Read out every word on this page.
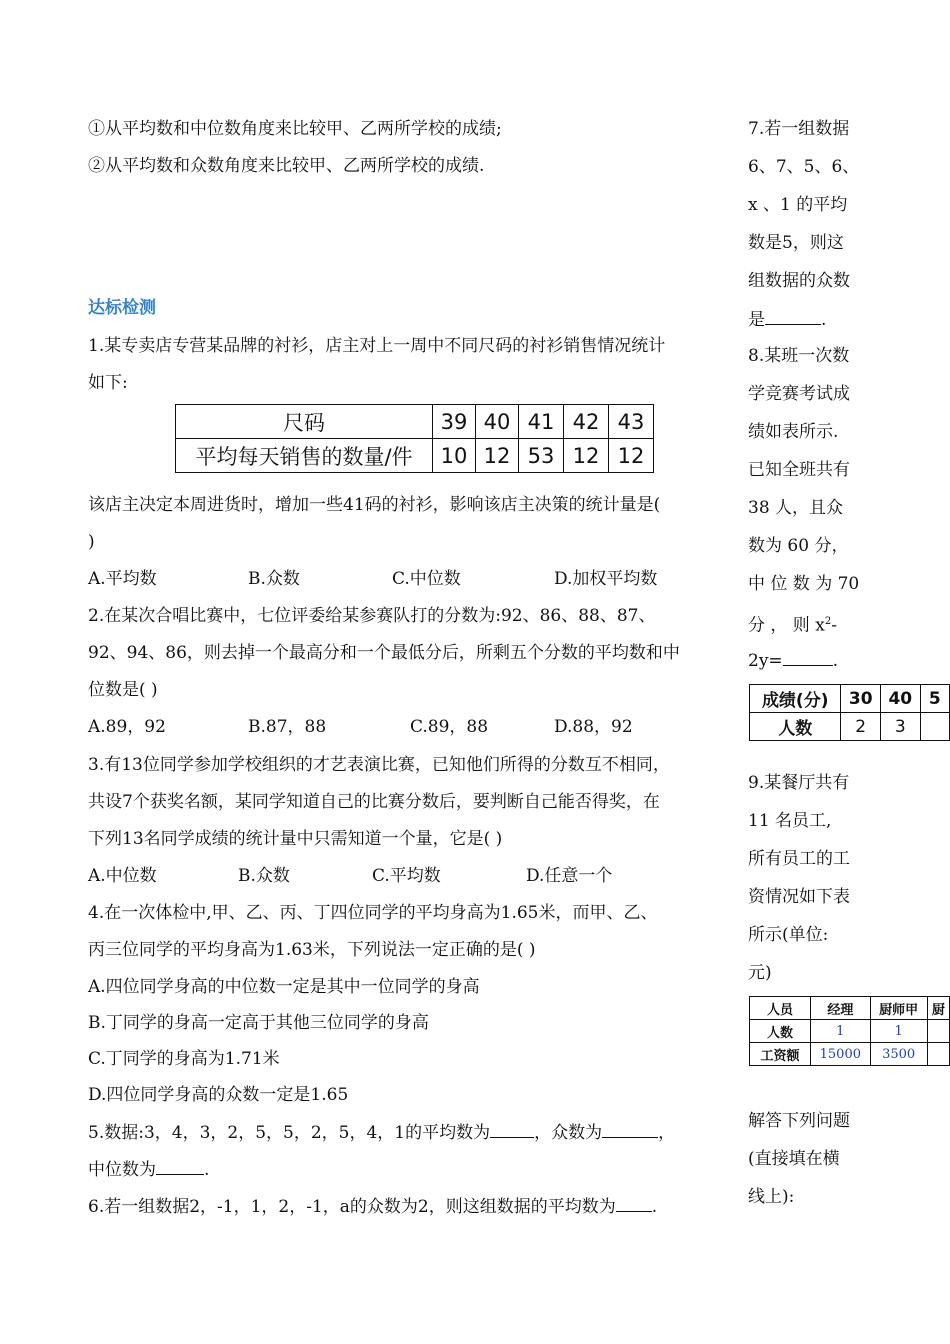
①从平均数和中位数角度来比较甲、乙两所学校的成绩;
②从平均数和众数角度来比较甲、乙两所学校的成绩.
达标检测
1.某专卖店专营某品牌的衬衫，店主对上一周中不同尺码的衬衫销售情况统计
如下:
尺码	39	40	41	42	43
平均每天销售的数量/件	10	12	53	12	12
该店主决定本周进货时，增加一些41码的衬衫，影响该店主决策的统计量是(
)
A.平均数	B.众数	C.中位数	D.加权平均数
2.在某次合唱比赛中，七位评委给某参赛队打的分数为:92、86、88、87、
92、94、86，则去掉一个最高分和一个最低分后，所剩五个分数的平均数和中
位数是( )
A.89，92	B.87，88	C.89，88	D.88，92
3.有13位同学参加学校组织的才艺表演比赛，已知他们所得的分数互不相同，
共设7个获奖名额，某同学知道自己的比赛分数后，要判断自己能否得奖，在
下列13名同学成绩的统计量中只需知道一个量，它是( )
A.中位数	B.众数	C.平均数	D.任意一个
4.在一次体检中,甲、乙、丙、丁四位同学的平均身高为1.65米，而甲、乙、
丙三位同学的平均身高为1.63米，下列说法一定正确的是( )
A.四位同学身高的中位数一定是其中一位同学的身高
B.丁同学的身高一定高于其他三位同学的身高
C.丁同学的身高为1.71米
D.四位同学身高的众数一定是1.65
5.数据:3，4，3，2，5，5，2，5，4，1的平均数为	，众数为	，
中位数为	.
6.若一组数据2，-1，1，2，-1，a的众数为2，则这组数据的平均数为 .
7.若一组数据
6、7、5、6、
x 、1 的平均
数是5，则这
组数据的众数
是	.
8.某班一次数
学竞赛考试成
绩如表所示.
已知全班共有
38 人，且众
数为 60 分，
中 位 数 为 70
分 ， 则 $x^2-$
2y=	.
成绩(分)	30	40	5
人数	2	3	
9.某餐厅共有
11 名员工,
所有员工的工
资情况如下表
所示(单位:
元)
人员	经理	厨师甲	厨
人数	1	1	
工资额	15000	3500	
解答下列问题
(直接填在横
线上):
